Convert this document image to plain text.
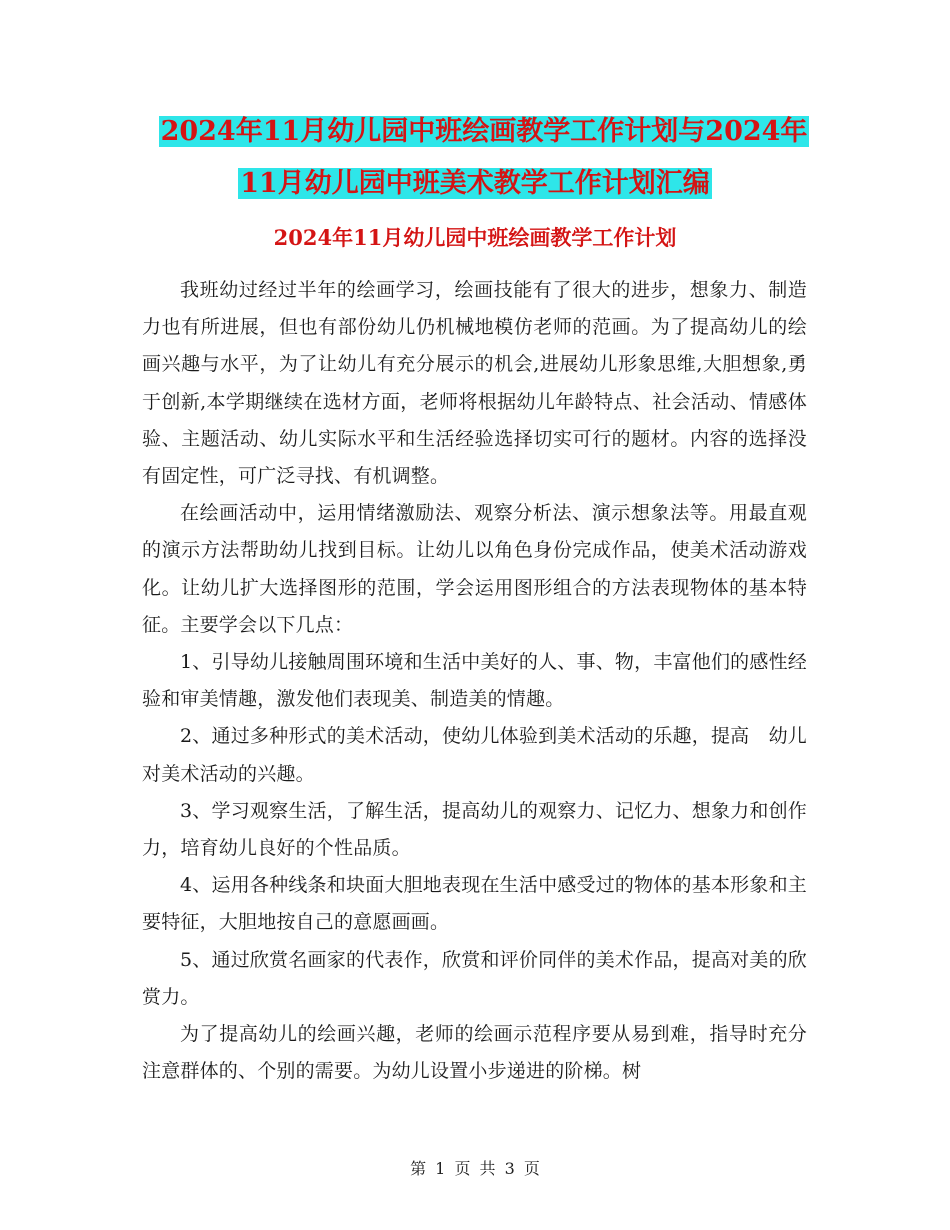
2024年11月幼儿园中班绘画教学工作计划与2024年
11月幼儿园中班美术教学工作计划汇编
2024年11月幼儿园中班绘画教学工作计划

我班幼过经过半年的绘画学习，绘画技能有了很大的进步，想象力、制造力也有所进展，但也有部份幼儿仍机械地模仿老师的范画。为了提高幼儿的绘画兴趣与水平，为了让幼儿有充分展示的机会,进展幼儿形象思维,大胆想象,勇于创新,本学期继续在选材方面，老师将根据幼儿年龄特点、社会活动、情感体验、主题活动、幼儿实际水平和生活经验选择切实可行的题材。内容的选择没有固定性，可广泛寻找、有机调整。

在绘画活动中，运用情绪激励法、观察分析法、演示想象法等。用最直观的演示方法帮助幼儿找到目标。让幼儿以角色身份完成作品，使美术活动游戏化。让幼儿扩大选择图形的范围，学会运用图形组合的方法表现物体的基本特征。主要学会以下几点：

1、引导幼儿接触周围环境和生活中美好的人、事、物，丰富他们的感性经验和审美情趣，激发他们表现美、制造美的情趣。

2、通过多种形式的美术活动，使幼儿体验到美术活动的乐趣，提高　幼儿对美术活动的兴趣。

3、学习观察生活，了解生活，提高幼儿的观察力、记忆力、想象力和创作力，培育幼儿良好的个性品质。

4、运用各种线条和块面大胆地表现在生活中感受过的物体的基本形象和主要特征，大胆地按自己的意愿画画。

5、通过欣赏名画家的代表作，欣赏和评价同伴的美术作品，提高对美的欣赏力。

为了提高幼儿的绘画兴趣，老师的绘画示范程序要从易到难，指导时充分注意群体的、个别的需要。为幼儿设置小步递进的阶梯。树

第 1 页 共 3 页
